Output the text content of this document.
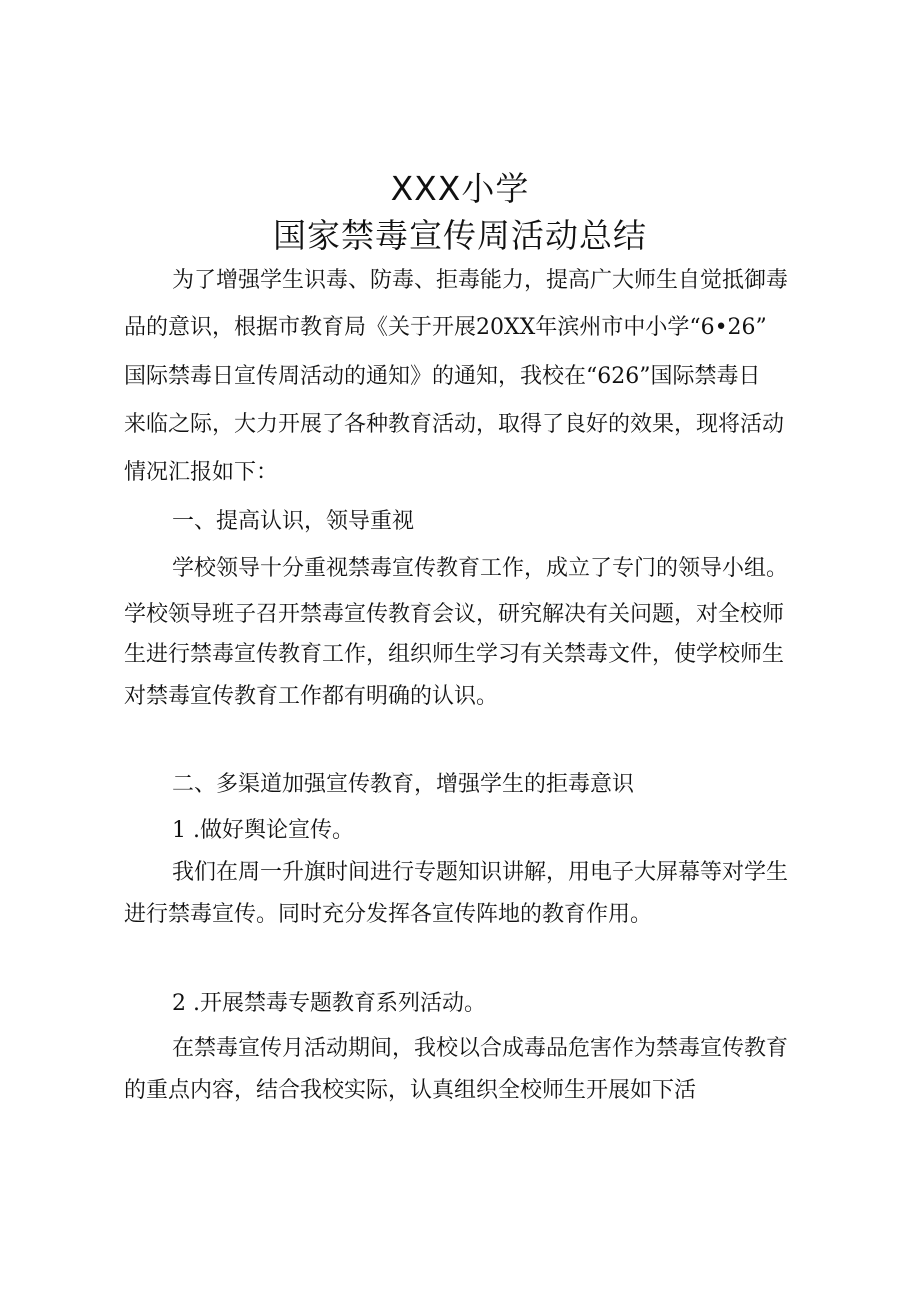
XXX小学
国家禁毒宣传周活动总结
为了增强学生识毒、防毒、拒毒能力，提高广大师生自觉抵御毒
品的意识，根据市教育局《关于开展20XX年滨州市中小学“6•26”
国际禁毒日宣传周活动的通知》的通知，我校在“626”国际禁毒日
来临之际，大力开展了各种教育活动，取得了良好的效果，现将活动
情况汇报如下：
一、提高认识，领导重视
学校领导十分重视禁毒宣传教育工作，成立了专门的领导小组。
学校领导班子召开禁毒宣传教育会议，研究解决有关问题，对全校师
生进行禁毒宣传教育工作，组织师生学习有关禁毒文件，使学校师生
对禁毒宣传教育工作都有明确的认识。
二、多渠道加强宣传教育，增强学生的拒毒意识
1 .做好舆论宣传。
我们在周一升旗时间进行专题知识讲解，用电子大屏幕等对学生
进行禁毒宣传。同时充分发挥各宣传阵地的教育作用。
2 .开展禁毒专题教育系列活动。
在禁毒宣传月活动期间，我校以合成毒品危害作为禁毒宣传教育
的重点内容，结合我校实际，认真组织全校师生开展如下活
